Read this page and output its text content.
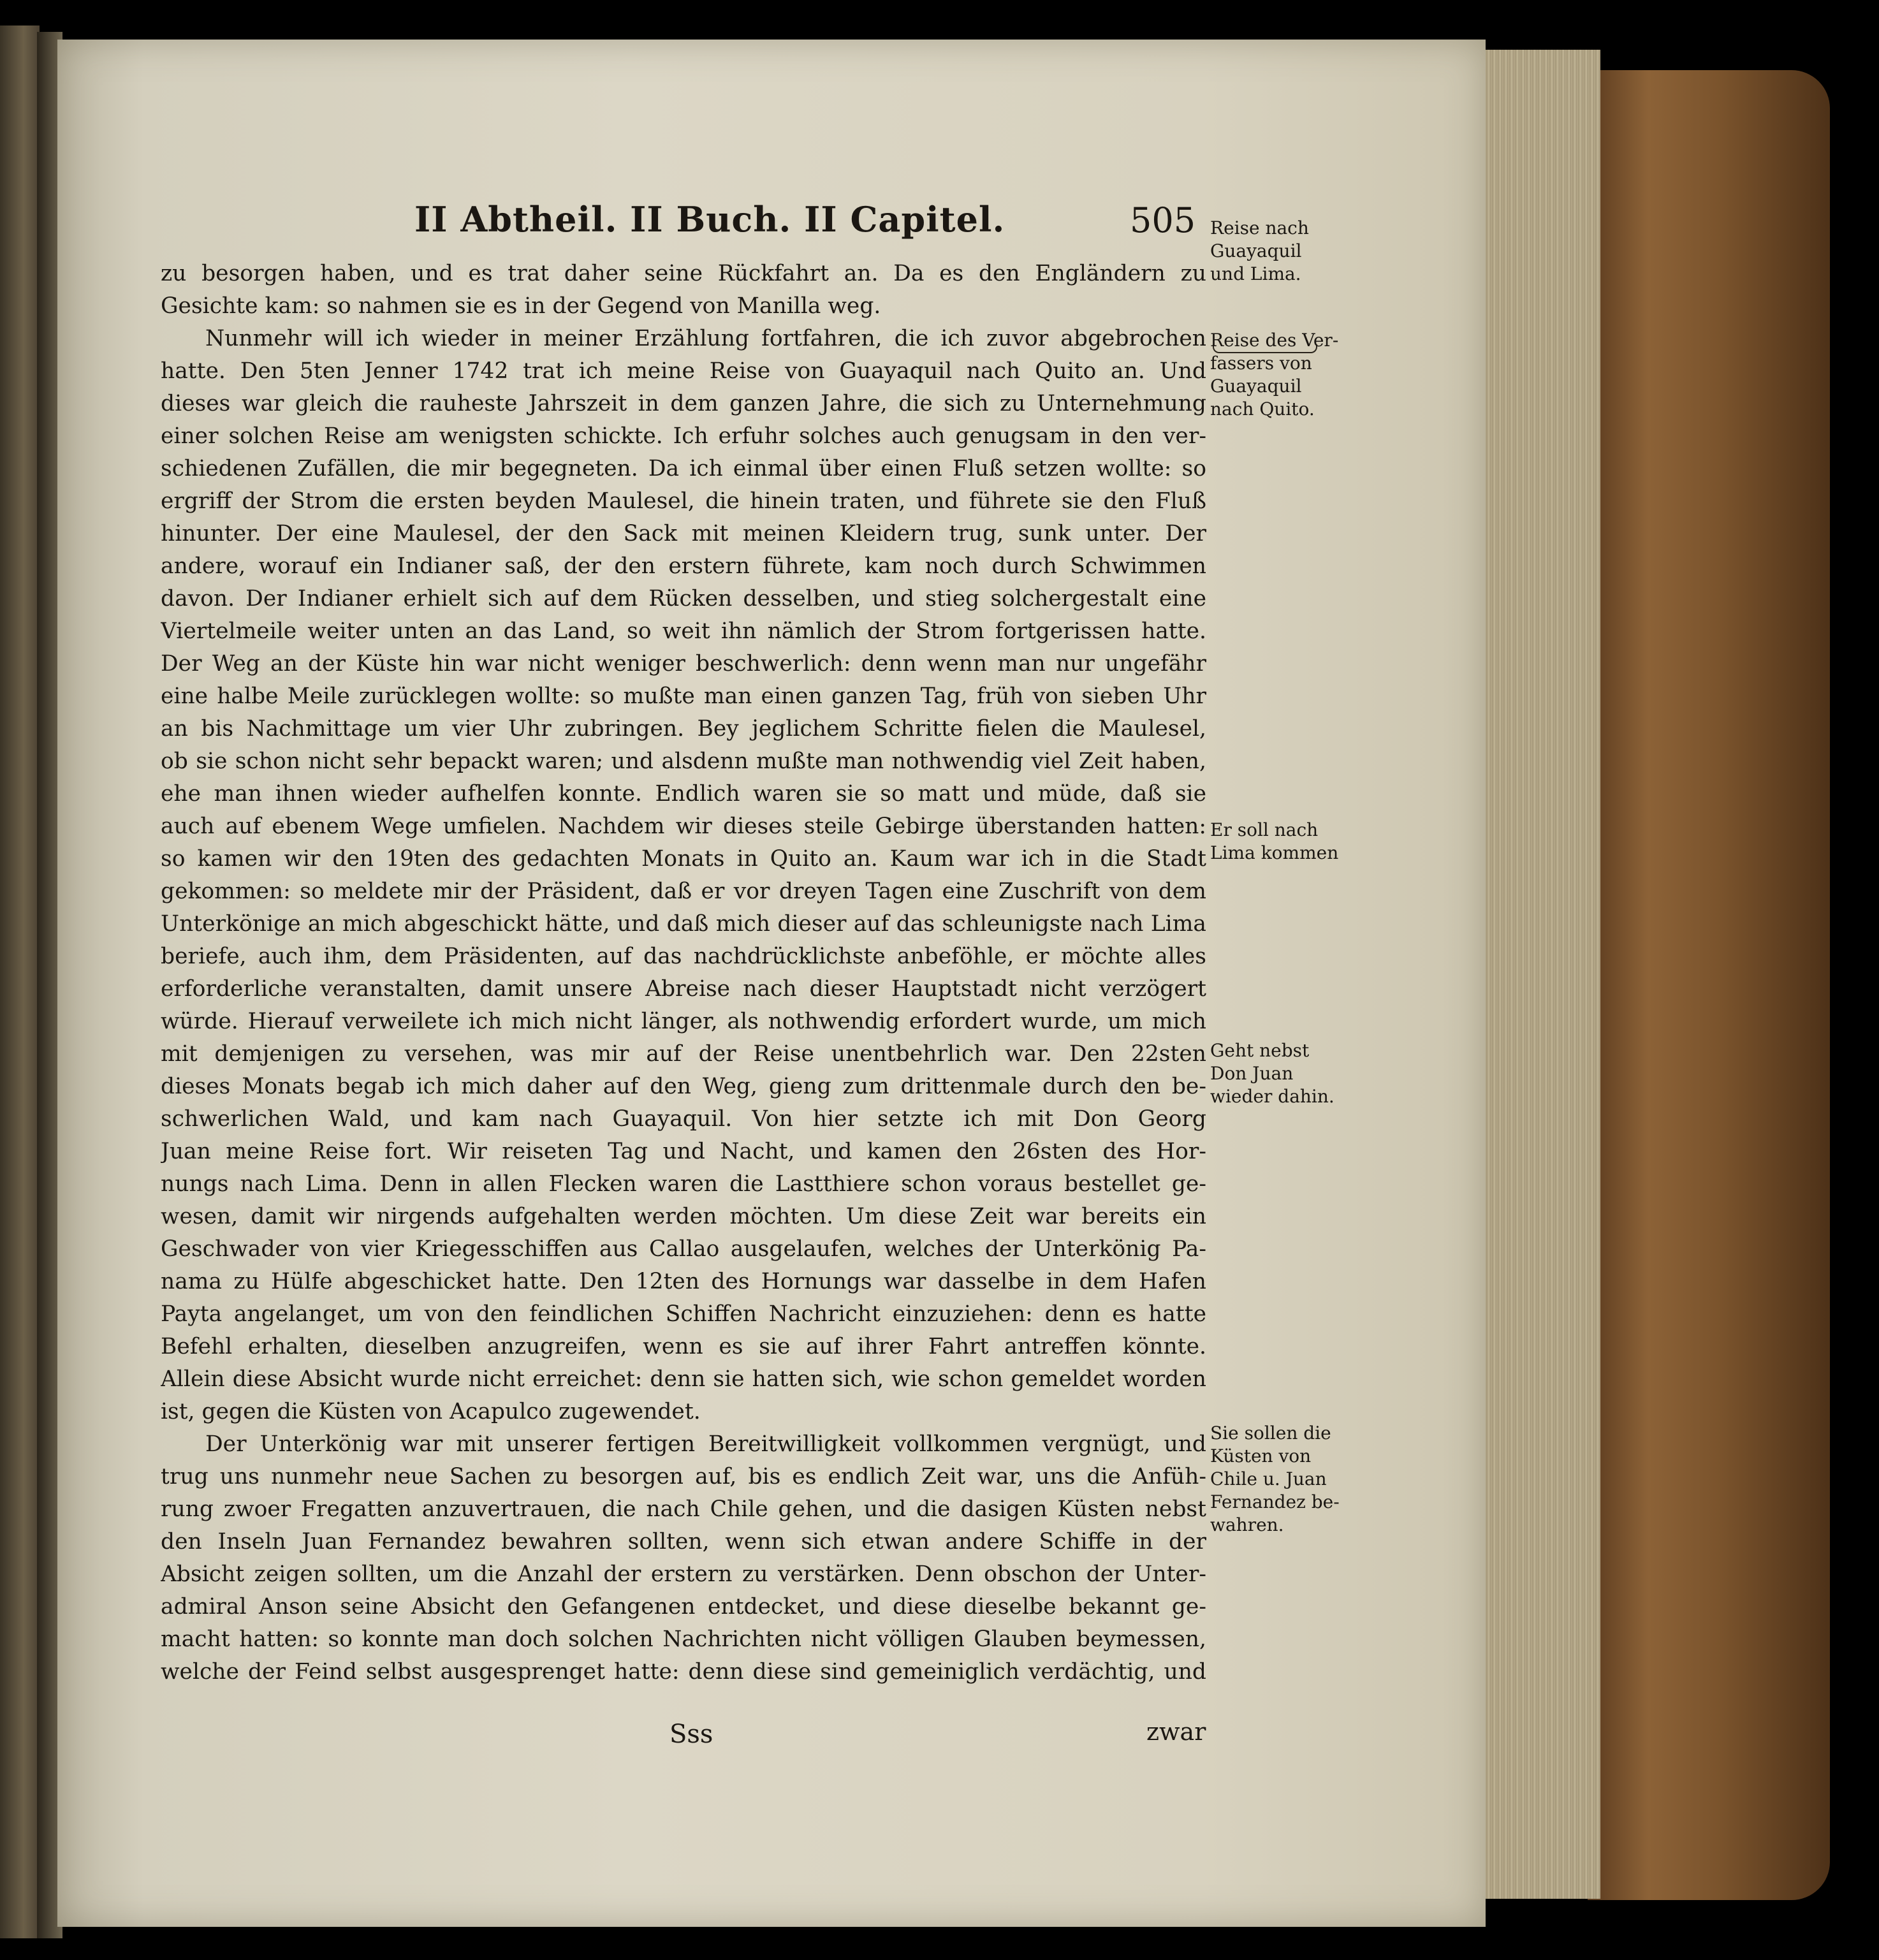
II Abtheil. II Buch. II Capitel.	505
zu besorgen haben, und es trat daher seine Rückfahrt an. Da es den Engländern zu
Gesichte kam: so nahmen sie es in der Gegend von Manilla weg.
Nunmehr will ich wieder in meiner Erzählung fortfahren, die ich zuvor abgebrochen
hatte. Den 5ten Jenner 1742 trat ich meine Reise von Guayaquil nach Quito an. Und
dieses war gleich die rauheste Jahrszeit in dem ganzen Jahre, die sich zu Unternehmung
einer solchen Reise am wenigsten schickte. Ich erfuhr solches auch genugsam in den ver-
schiedenen Zufällen, die mir begegneten. Da ich einmal über einen Fluß setzen wollte: so
ergriff der Strom die ersten beyden Maulesel, die hinein traten, und führete sie den Fluß
hinunter. Der eine Maulesel, der den Sack mit meinen Kleidern trug, sunk unter. Der
andere, worauf ein Indianer saß, der den erstern führete, kam noch durch Schwimmen
davon. Der Indianer erhielt sich auf dem Rücken desselben, und stieg solchergestalt eine
Viertelmeile weiter unten an das Land, so weit ihn nämlich der Strom fortgerissen hatte.
Der Weg an der Küste hin war nicht weniger beschwerlich: denn wenn man nur ungefähr
eine halbe Meile zurücklegen wollte: so mußte man einen ganzen Tag, früh von sieben Uhr
an bis Nachmittage um vier Uhr zubringen. Bey jeglichem Schritte fielen die Maulesel,
ob sie schon nicht sehr bepackt waren; und alsdenn mußte man nothwendig viel Zeit haben,
ehe man ihnen wieder aufhelfen konnte. Endlich waren sie so matt und müde, daß sie
auch auf ebenem Wege umfielen. Nachdem wir dieses steile Gebirge überstanden hatten:
so kamen wir den 19ten des gedachten Monats in Quito an. Kaum war ich in die Stadt
gekommen: so meldete mir der Präsident, daß er vor dreyen Tagen eine Zuschrift von dem
Unterkönige an mich abgeschickt hätte, und daß mich dieser auf das schleunigste nach Lima
beriefe, auch ihm, dem Präsidenten, auf das nachdrücklichste anbeföhle, er möchte alles
erforderliche veranstalten, damit unsere Abreise nach dieser Hauptstadt nicht verzögert
würde. Hierauf verweilete ich mich nicht länger, als nothwendig erfordert wurde, um mich
mit demjenigen zu versehen, was mir auf der Reise unentbehrlich war. Den 22sten
dieses Monats begab ich mich daher auf den Weg, gieng zum drittenmale durch den be-
schwerlichen Wald, und kam nach Guayaquil. Von hier setzte ich mit Don Georg
Juan meine Reise fort. Wir reiseten Tag und Nacht, und kamen den 26sten des Hor-
nungs nach Lima. Denn in allen Flecken waren die Lastthiere schon voraus bestellet ge-
wesen, damit wir nirgends aufgehalten werden möchten. Um diese Zeit war bereits ein
Geschwader von vier Kriegesschiffen aus Callao ausgelaufen, welches der Unterkönig Pa-
nama zu Hülfe abgeschicket hatte. Den 12ten des Hornungs war dasselbe in dem Hafen
Payta angelanget, um von den feindlichen Schiffen Nachricht einzuziehen: denn es hatte
Befehl erhalten, dieselben anzugreifen, wenn es sie auf ihrer Fahrt antreffen könnte.
Allein diese Absicht wurde nicht erreichet: denn sie hatten sich, wie schon gemeldet worden
ist, gegen die Küsten von Acapulco zugewendet.
Der Unterkönig war mit unserer fertigen Bereitwilligkeit vollkommen vergnügt, und
trug uns nunmehr neue Sachen zu besorgen auf, bis es endlich Zeit war, uns die Anfüh-
rung zwoer Fregatten anzuvertrauen, die nach Chile gehen, und die dasigen Küsten nebst
den Inseln Juan Fernandez bewahren sollten, wenn sich etwan andere Schiffe in der
Absicht zeigen sollten, um die Anzahl der erstern zu verstärken. Denn obschon der Unter-
admiral Anson seine Absicht den Gefangenen entdecket, und diese dieselbe bekannt ge-
macht hatten: so konnte man doch solchen Nachrichten nicht völligen Glauben beymessen,
welche der Feind selbst ausgesprenget hatte: denn diese sind gemeiniglich verdächtig, und
Reise nach
Guayaquil
und Lima.
Reise des Ver-
fassers von
Guayaquil
nach Quito.
Er soll nach
Lima kommen
Geht nebst
Don Juan
wieder dahin.
Sie sollen die
Küsten von
Chile u. Juan
Fernandez be-
wahren.
Sss	zwar
